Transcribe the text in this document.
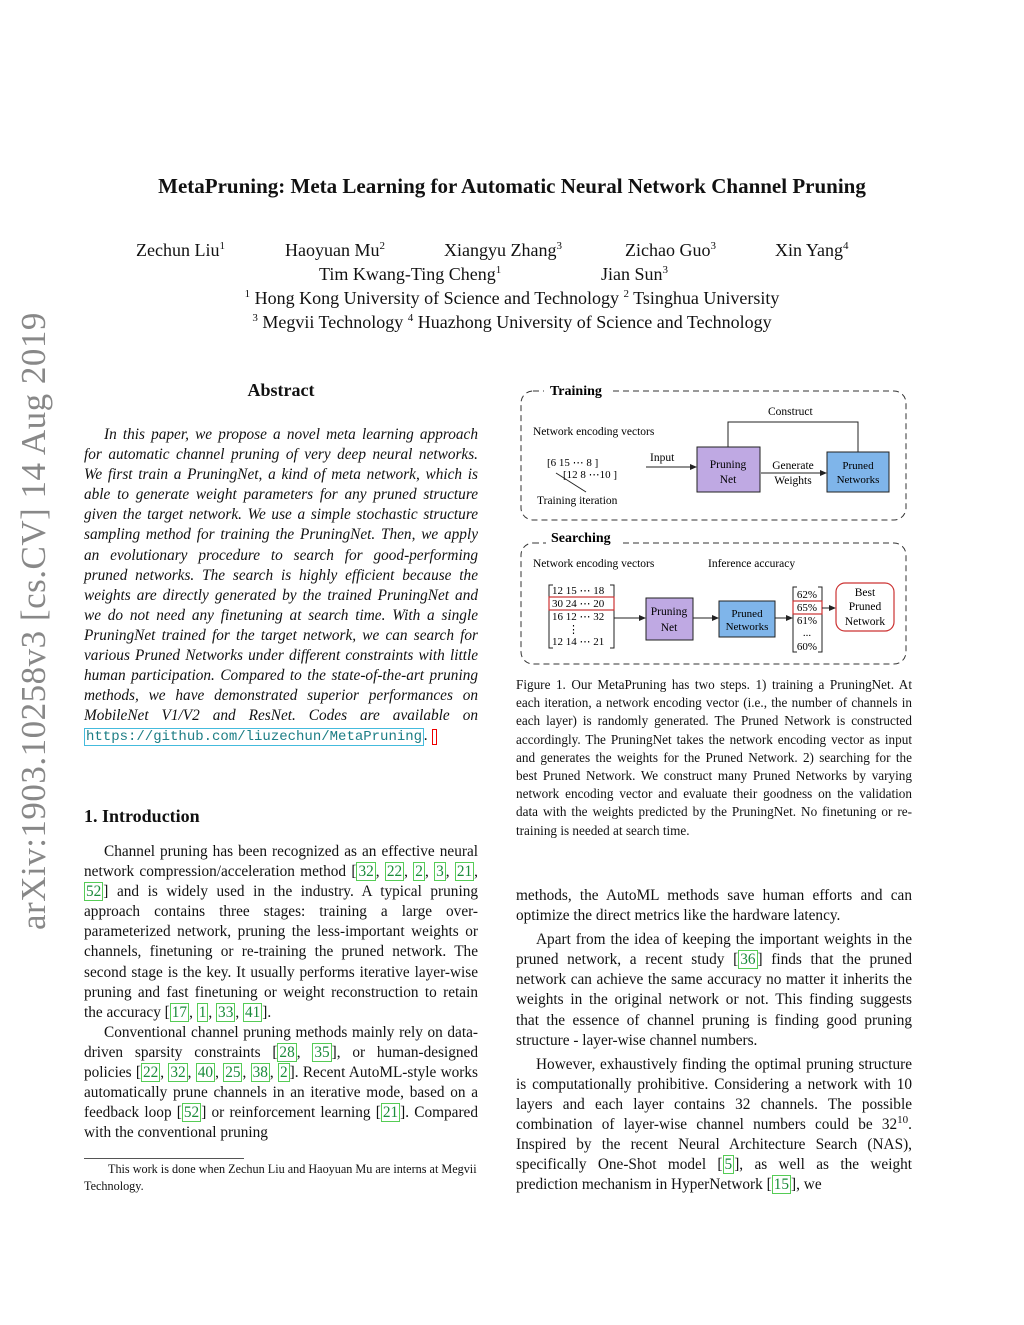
MetaPruning: Meta Learning for Automatic Neural Network Channel Pruning
Zechun Liu$^1$	Haoyuan Mu$^2$	Xiangyu Zhang$^3$	Zichao Guo$^3$	Xin Yang$^4$
Tim Kwang-Ting Cheng$^1$	Jian Sun$^3$
$^1$ Hong Kong University of Science and Technology $^2$ Tsinghua University
$^3$ Megvii Technology $^4$ Huazhong University of Science and Technology
arXiv:1903.10258v3 [cs.CV] 14 Aug 2019	Abstract

In this paper, we propose a novel meta learning approach for automatic channel pruning of very deep neural networks. We first train a PruningNet, a kind of meta network, which is able to generate weight parameters for any pruned structure given the target network. We use a simple stochastic structure sampling method for training the PruningNet. Then, we apply an evolutionary procedure to search for good-performing pruned networks. The search is highly efficient because the weights are directly generated by the trained PruningNet and we do not need any finetuning at search time. With a single PruningNet trained for the target network, we can search for various Pruned Networks under different constraints with little human participation. Compared to the state-of-the-art pruning methods, we have demonstrated superior performances on MobileNet V1/V2 and ResNet. Codes are available on https://github.com/liuzechun/MetaPruning .

1. Introduction

Channel pruning has been recognized as an effective neural network compression/acceleration method [ 32 , 22 , 2 , 3 , 21 , 52 ] and is widely used in the industry. A typical pruning approach contains three stages: training a large over-parameterized network, pruning the less-important weights or channels, finetuning or re-training the pruned network. The second stage is the key. It usually performs iterative layer-wise pruning and fast finetuning or weight reconstruction to retain the accuracy [ 17 , 1 , 33 , 41 ].

Conventional channel pruning methods mainly rely on data-driven sparsity constraints [ 28 , 35 ], or human-designed policies [ 22 , 32 , 40 , 25 , 38 , 2 ]. Recent AutoML-style works automatically prune channels in an iterative mode, based on a feedback loop [ 52 ] or reinforcement learning [ 21 ]. Compared with the conventional pruning

This work is done when Zechun Liu and Haoyuan Mu are interns at Megvii Technology.
Training
Construct
Network encoding vectors
[6 15 ⋯ 8 ]
[12 8 ⋯10 ]
Training iteration
Input
Pruning
Net
Generate
Weights
Pruned
Networks
Searching
Network encoding vectors	Inference accuracy
12 15 ⋯ 18
30 24 ⋯ 20
16 12 ⋯ 32
⋮
12 14 ⋯ 21
Pruning
Net
Pruned
Networks
62%
65%
61%
...
60%
Best
Pruned
Network
Figure 1. Our MetaPruning has two steps. 1) training a PruningNet. At each iteration, a network encoding vector (i.e., the number of channels in each layer) is randomly generated. The Pruned Network is constructed accordingly. The PruningNet takes the network encoding vector as input and generates the weights for the Pruned Network. 2) searching for the best Pruned Network. We construct many Pruned Networks by varying network encoding vector and evaluate their goodness on the validation data with the weights predicted by the PruningNet. No finetuning or re-training is needed at search time.

methods, the AutoML methods save human efforts and can optimize the direct metrics like the hardware latency.

Apart from the idea of keeping the important weights in the pruned network, a recent study [ 36 ] finds that the pruned network can achieve the same accuracy no matter it inherits the weights in the original network or not. This finding suggests that the essence of channel pruning is finding good pruning structure - layer-wise channel numbers.

However, exhaustively finding the optimal pruning structure is computationally prohibitive. Considering a network with 10 layers and each layer contains 32 channels. The possible combination of layer-wise channel numbers could be $32^{10}$. Inspired by the recent Neural Architecture Search (NAS), specifically One-Shot model [ 5 ], as well as the weight prediction mechanism in HyperNetwork [ 15 ], we
